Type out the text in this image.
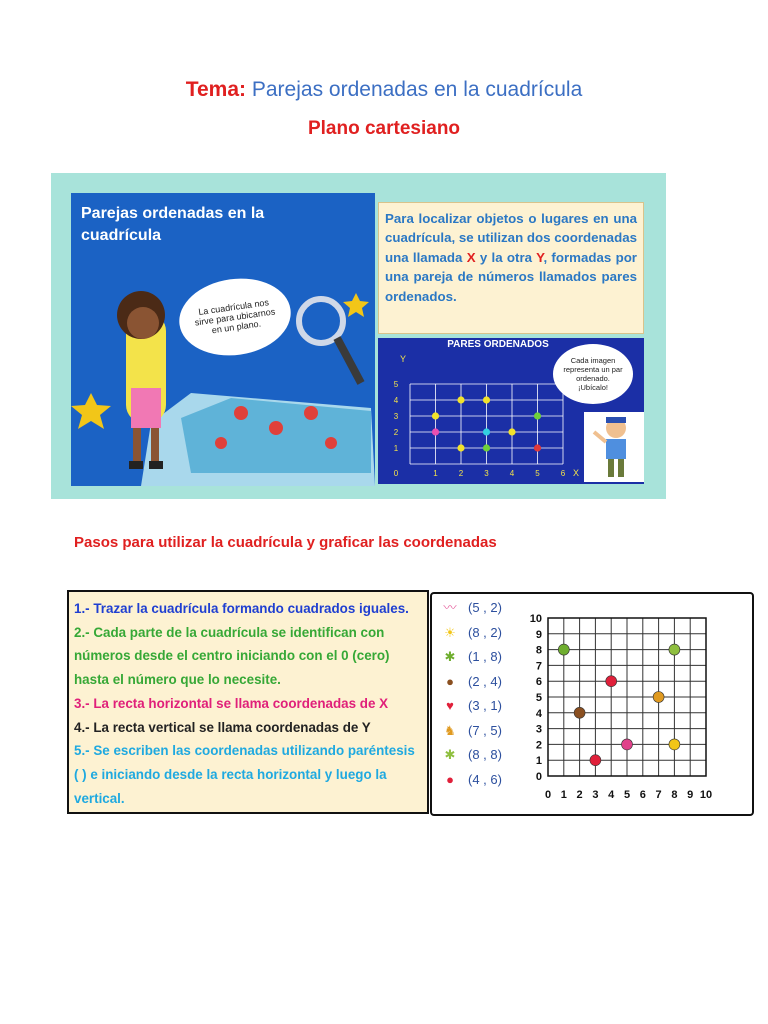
Tema: Parejas ordenadas en la cuadrícula
Plano cartesiano
Parejas ordenadas en la cuadrícula
La cuadrícula nos sirve para ubicarnos en un plano.
Para localizar objetos o lugares en una cuadrícula, se utilizan dos coordenadas una llamada X y la otra Y, formadas por una pareja de números llamados pares ordenados.
PARES ORDENADOS
0	1	2	3	4	5	6
1
2
3
4
5
Y
X
Cada imagen representa un par ordenado. ¡Ubícalo!
Pasos para utilizar la cuadrícula y graficar las coordenadas
1.- Trazar la cuadrícula formando cuadrados iguales.
2.- Cada parte de la cuadrícula se identifican con números desde el centro iniciando con el 0 (cero) hasta el número que lo necesite.
3.- La recta horizontal se llama coordenadas de X
4.- La recta vertical se llama coordenadas de Y
5.- Se escriben las coordenadas utilizando paréntesis ( ) e iniciando desde la recta horizontal y luego la vertical.
〰 (5 , 2)
☀ (8 , 2)
✱ (1 , 8)
●	(2 , 4)
♥	(3 , 1)
♞ (7 , 5)
✱ (8 , 8)
●	(4 , 6)
0 1 2 3 4 5 6 7 8 9 10
0
1
2
3
4
5
6
7
8
9
10
